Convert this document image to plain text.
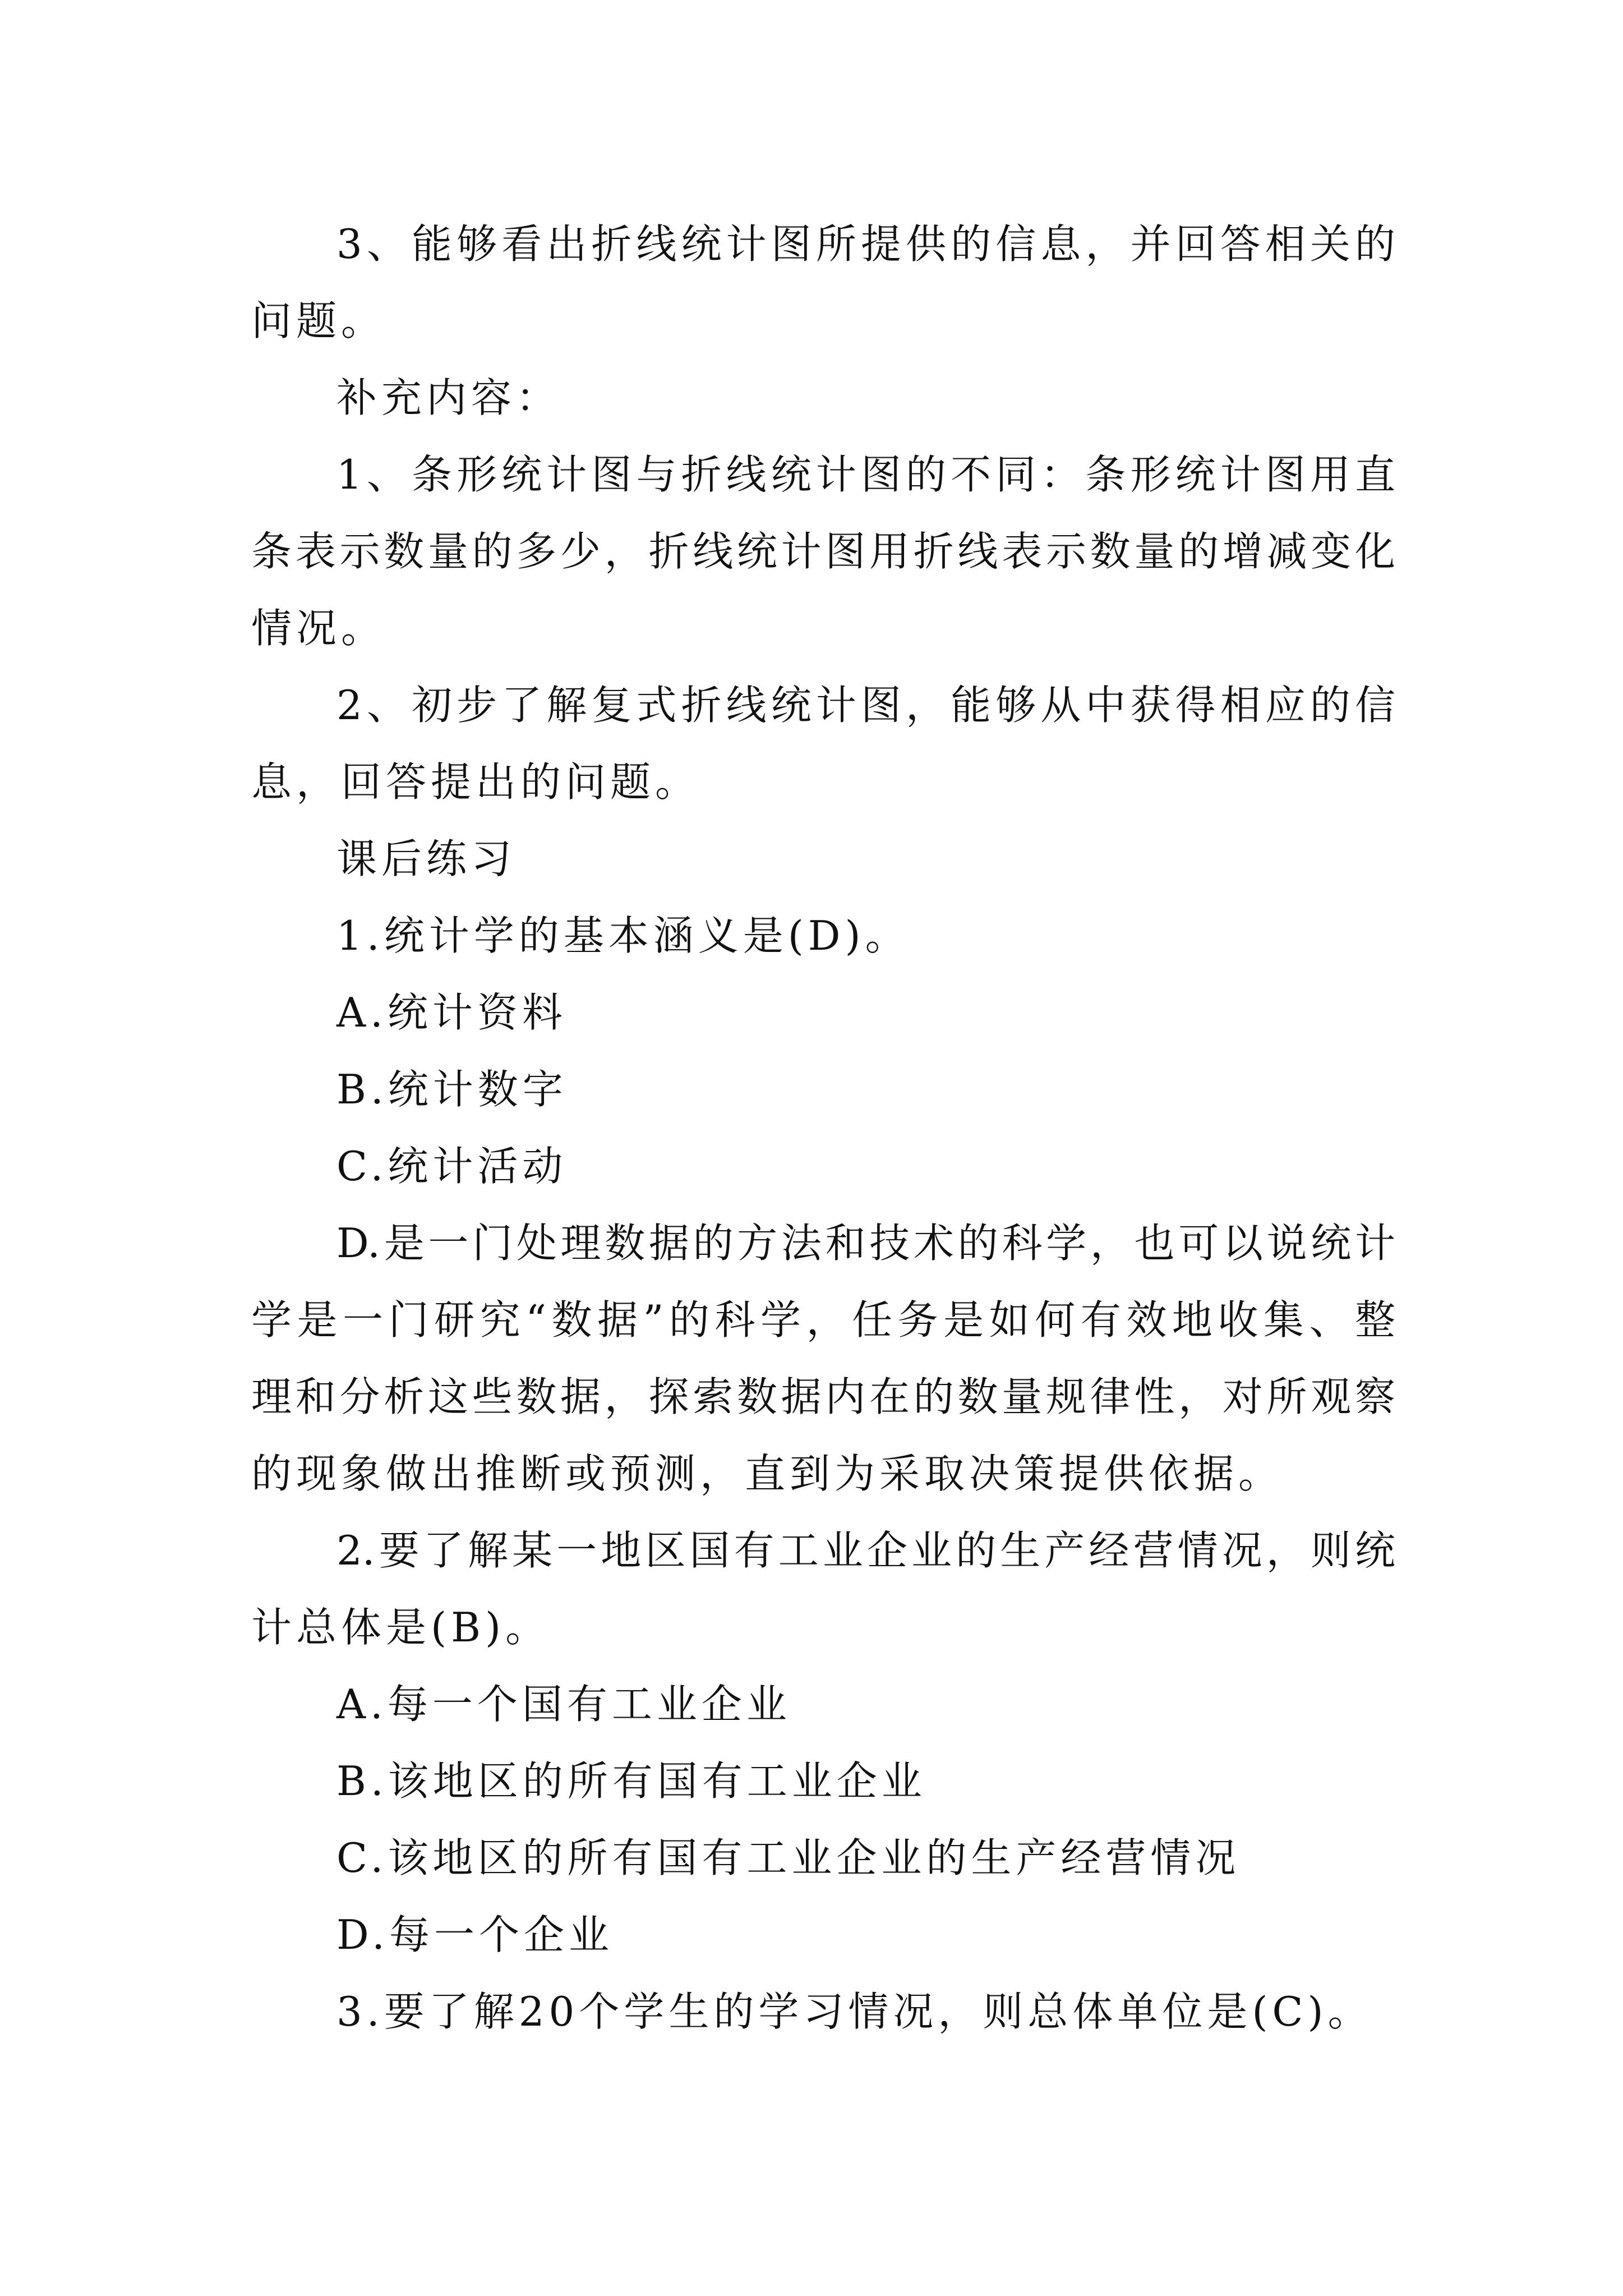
3、能够看出折线统计图所提供的信息，并回答相关的
问题。
补充内容：
1、条形统计图与折线统计图的不同：条形统计图用直
条表示数量的多少，折线统计图用折线表示数量的增减变化
情况。
2、初步了解复式折线统计图，能够从中获得相应的信
息，回答提出的问题。
课后练习
1.统计学的基本涵义是(D)。
A.统计资料
B.统计数字
C.统计活动
D.是一门处理数据的方法和技术的科学，也可以说统计
学是一门研究“数据”的科学，任务是如何有效地收集、整
理和分析这些数据，探索数据内在的数量规律性，对所观察
的现象做出推断或预测，直到为采取决策提供依据。
2.要了解某一地区国有工业企业的生产经营情况，则统
计总体是(B)。
A.每一个国有工业企业
B.该地区的所有国有工业企业
C.该地区的所有国有工业企业的生产经营情况
D.每一个企业
3.要了解20个学生的学习情况，则总体单位是(C)。
